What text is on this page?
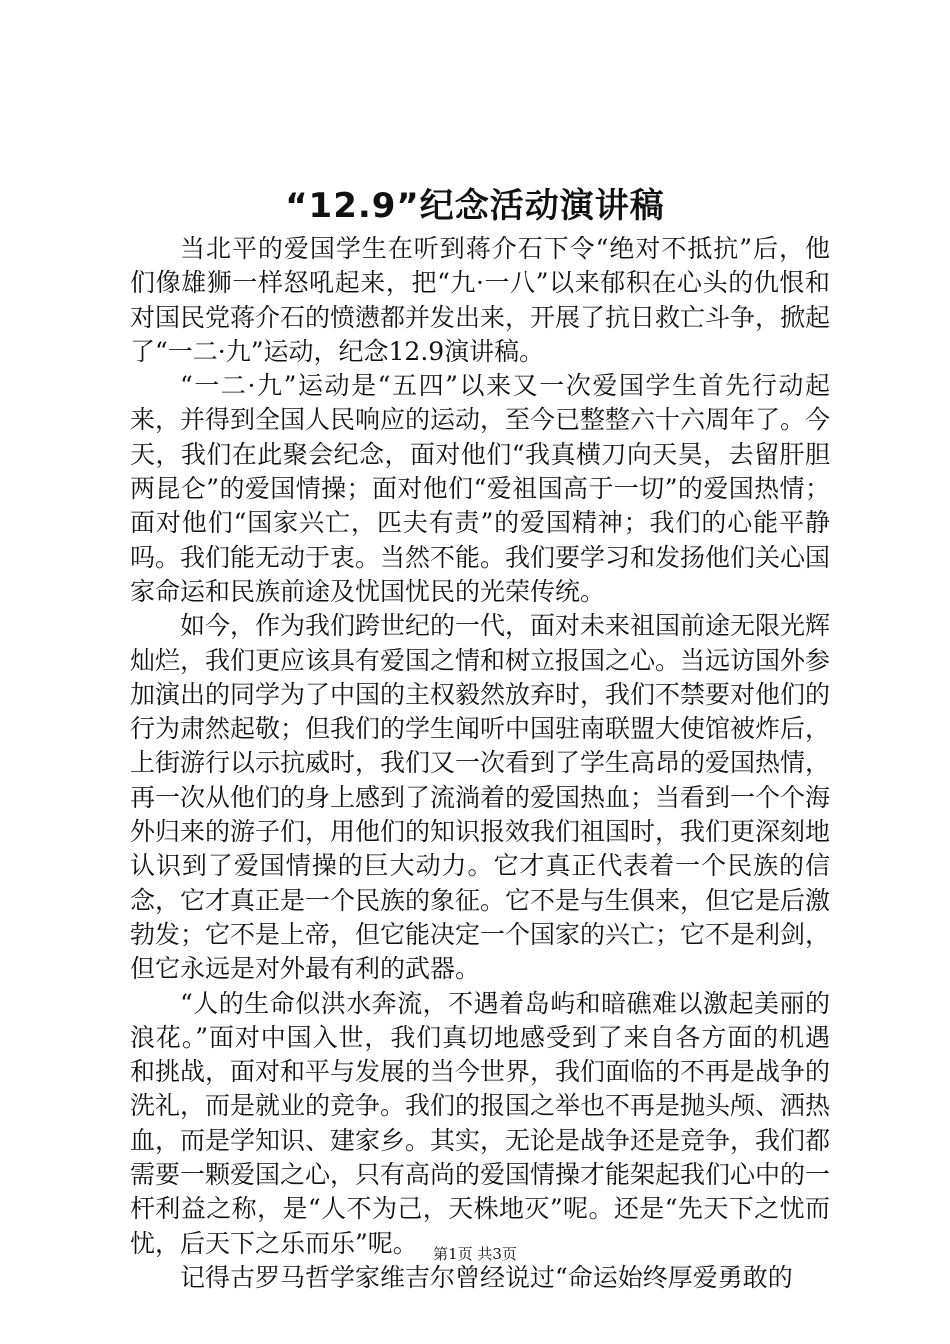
“12.9”纪念活动演讲稿

当北平的爱国学生在听到蒋介石下令“绝对不抵抗”后，他们像雄狮一样怒吼起来，把“九·一八”以来郁积在心头的仇恨和对国民党蒋介石的愤懑都并发出来，开展了抗日救亡斗争，掀起了“一二·九”运动，纪念12.9演讲稿。

“一二·九”运动是“五四”以来又一次爱国学生首先行动起来，并得到全国人民响应的运动，至今已整整六十六周年了。今天，我们在此聚会纪念，面对他们“我真横刀向天昊，去留肝胆两昆仑”的爱国情操；面对他们“爱祖国高于一切”的爱国热情；面对他们“国家兴亡，匹夫有责”的爱国精神；我们的心能平静吗。我们能无动于衷。当然不能。我们要学习和发扬他们关心国家命运和民族前途及忧国忧民的光荣传统。

如今，作为我们跨世纪的一代，面对未来祖国前途无限光辉灿烂，我们更应该具有爱国之情和树立报国之心。当远访国外参加演出的同学为了中国的主权毅然放弃时，我们不禁要对他们的行为肃然起敬；但我们的学生闻听中国驻南联盟大使馆被炸后，上街游行以示抗威时，我们又一次看到了学生高昂的爱国热情，再一次从他们的身上感到了流淌着的爱国热血；当看到一个个海外归来的游子们，用他们的知识报效我们祖国时，我们更深刻地认识到了爱国情操的巨大动力。它才真正代表着一个民族的信念，它才真正是一个民族的象征。它不是与生俱来，但它是后激勃发；它不是上帝，但它能决定一个国家的兴亡；它不是利剑，但它永远是对外最有利的武器。

“人的生命似洪水奔流，不遇着岛屿和暗礁难以激起美丽的浪花。”面对中国入世，我们真切地感受到了来自各方面的机遇和挑战，面对和平与发展的当今世界，我们面临的不再是战争的洗礼，而是就业的竞争。我们的报国之举也不再是抛头颅、洒热血，而是学知识、建家乡。其实，无论是战争还是竞争，我们都需要一颗爱国之心，只有高尚的爱国情操才能架起我们心中的一杆利益之称，是“人不为己，天株地灭”呢。还是“先天下之忧而忧，后天下之乐而乐”呢。

记得古罗马哲学家维吉尔曾经说过“命运始终厚爱勇敢的

第1页 共3页
